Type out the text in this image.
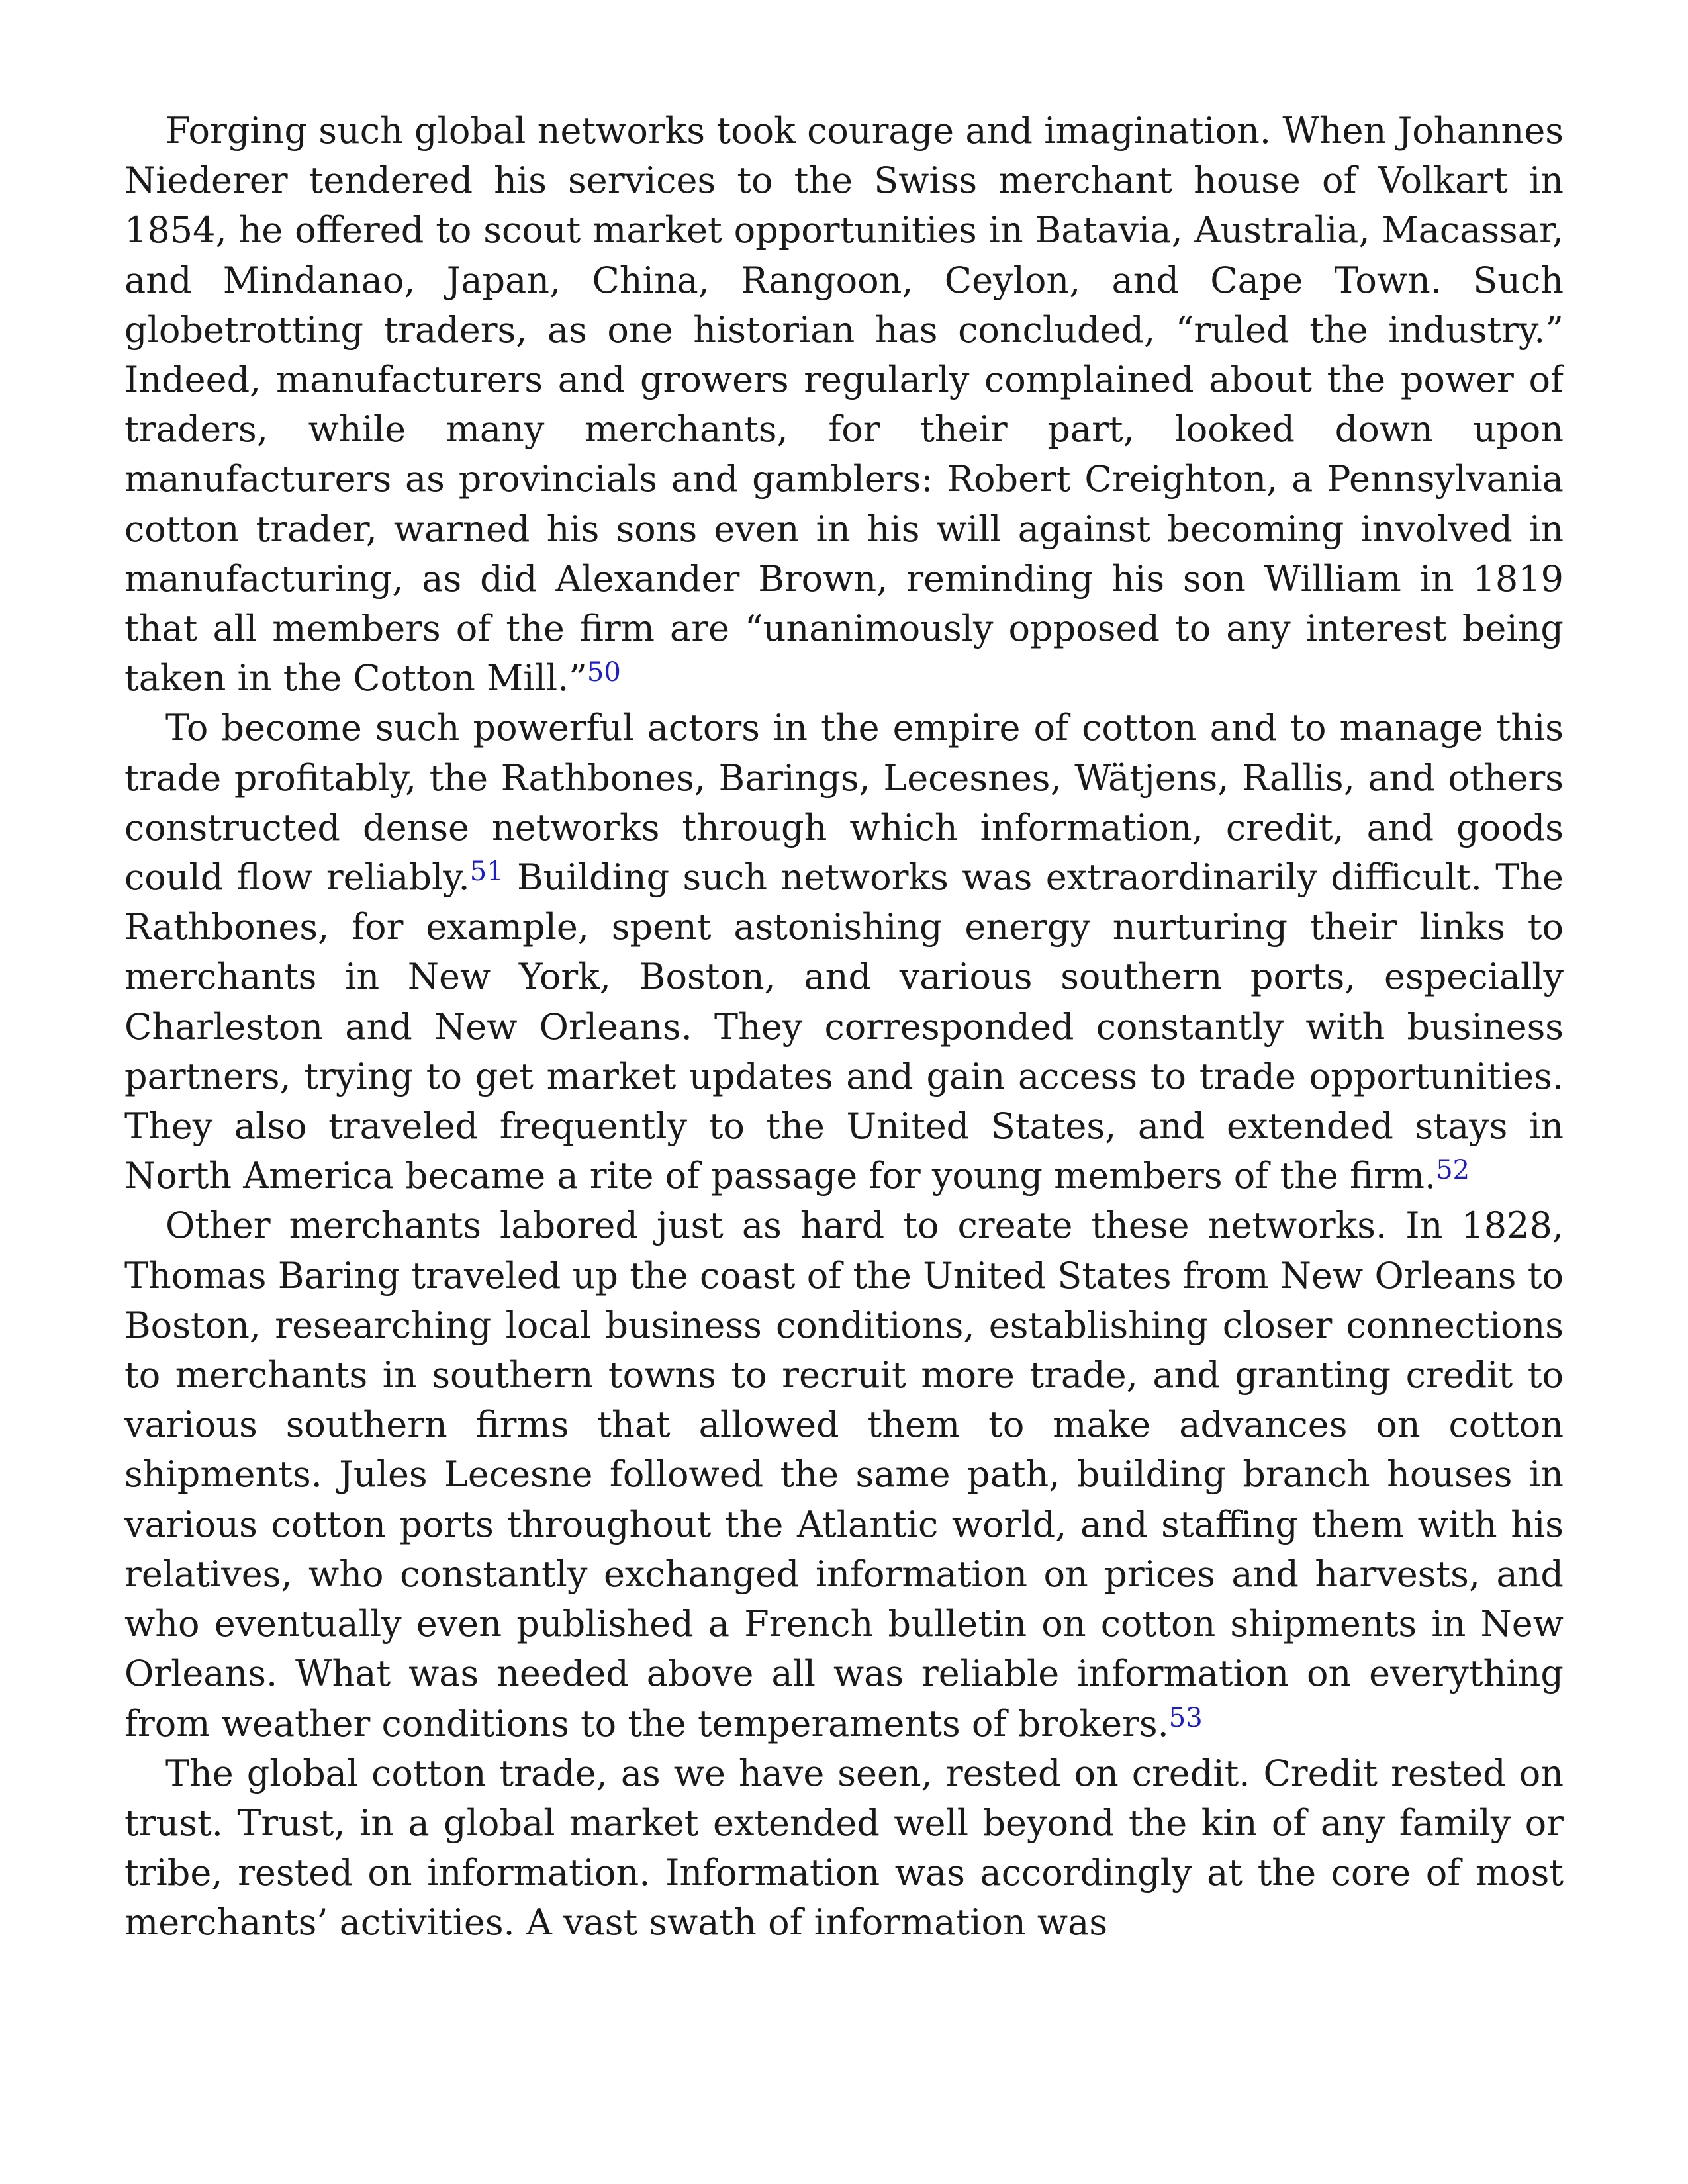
Forging such global networks took courage and imagination. When Johannes Niederer tendered his services to the Swiss merchant house of Volkart in 1854, he offered to scout market opportunities in Batavia, Australia, Macassar, and Mindanao, Japan, China, Rangoon, Ceylon, and Cape Town. Such globetrotting traders, as one historian has concluded, “ruled the industry.” Indeed, manufacturers and growers regularly complained about the power of traders, while many merchants, for their part, looked down upon manufacturers as provincials and gamblers: Robert Creighton, a Pennsylvania cotton trader, warned his sons even in his will against becoming involved in manufacturing, as did Alexander Brown, reminding his son William in 1819 that all members of the firm are “unanimously opposed to any interest being taken in the Cotton Mill.”$^{50}$

To become such powerful actors in the empire of cotton and to manage this trade profitably, the Rathbones, Barings, Lecesnes, Wätjens, Rallis, and others constructed dense networks through which information, credit, and goods could flow reliably.$^{51}$ Building such networks was extraordinarily difficult. The Rathbones, for example, spent astonishing energy nurturing their links to merchants in New York, Boston, and various southern ports, especially Charleston and New Orleans. They corresponded constantly with business partners, trying to get market updates and gain access to trade opportunities. They also traveled frequently to the United States, and extended stays in North America became a rite of passage for young members of the firm.$^{52}$

Other merchants labored just as hard to create these networks. In 1828, Thomas Baring traveled up the coast of the United States from New Orleans to Boston, researching local business conditions, establishing closer connections to merchants in southern towns to recruit more trade, and granting credit to various southern firms that allowed them to make advances on cotton shipments. Jules Lecesne followed the same path, building branch houses in various cotton ports throughout the Atlantic world, and staffing them with his relatives, who constantly exchanged information on prices and harvests, and who eventually even published a French bulletin on cotton shipments in New Orleans. What was needed above all was reliable information on everything from weather conditions to the temperaments of brokers.$^{53}$

The global cotton trade, as we have seen, rested on credit. Credit rested on trust. Trust, in a global market extended well beyond the kin of any family or tribe, rested on information. Information was accordingly at the core of most merchants’ activities. A vast swath of information was
